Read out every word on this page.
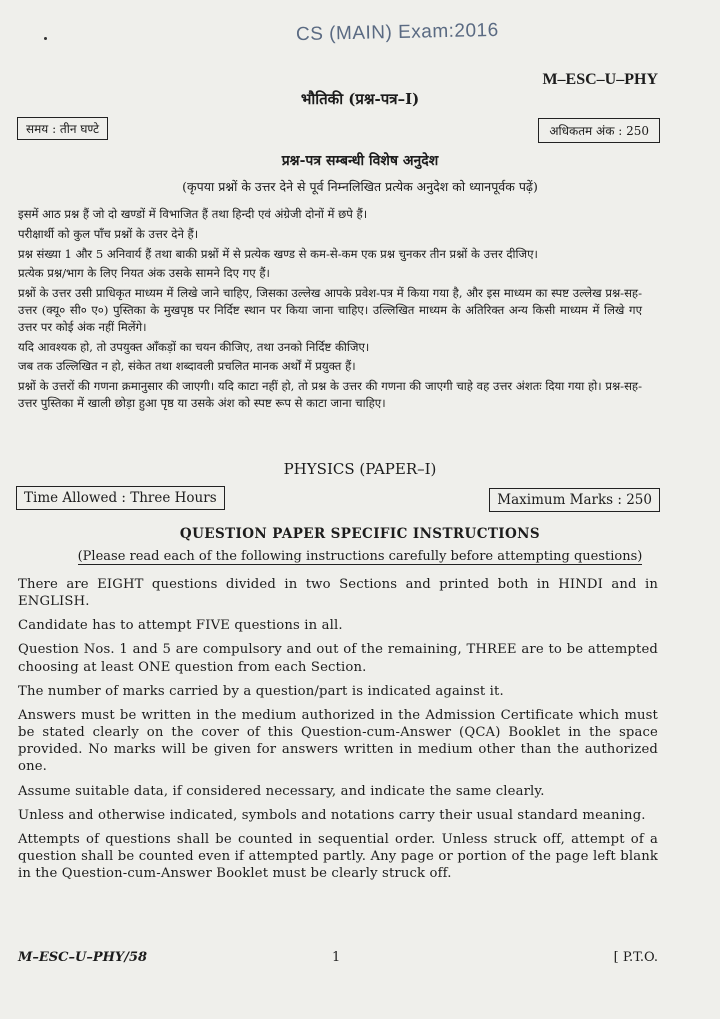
CS (MAIN) Exam:2016
M–ESC–U–PHY
भौतिकी (प्रश्न-पत्र–I)
समय : तीन घण्टे	अधिकतम अंक : 250
प्रश्न-पत्र सम्बन्धी विशेष अनुदेश
(कृपया प्रश्नों के उत्तर देने से पूर्व निम्नलिखित प्रत्येक अनुदेश को ध्यानपूर्वक पढ़ें)

इसमें आठ प्रश्न हैं जो दो खण्डों में विभाजित हैं तथा हिन्दी एवं अंग्रेजी दोनों में छपे हैं।

परीक्षार्थी को कुल पाँच प्रश्नों के उत्तर देने हैं।

प्रश्न संख्या 1 और 5 अनिवार्य हैं तथा बाकी प्रश्नों में से प्रत्येक खण्ड से कम-से-कम एक प्रश्न चुनकर तीन प्रश्नों के उत्तर दीजिए।

प्रत्येक प्रश्न/भाग के लिए नियत अंक उसके सामने दिए गए हैं।

प्रश्नों के उत्तर उसी प्राधिकृत माध्यम में लिखे जाने चाहिए, जिसका उल्लेख आपके प्रवेश-पत्र में किया गया है, और इस माध्यम का स्पष्ट उल्लेख प्रश्न-सह-उत्तर (क्यू० सी० ए०) पुस्तिका के मुखपृष्ठ पर निर्दिष्ट स्थान पर किया जाना चाहिए। उल्लिखित माध्यम के अतिरिक्त अन्य किसी माध्यम में लिखे गए उत्तर पर कोई अंक नहीं मिलेंगे।

यदि आवश्यक हो, तो उपयुक्त आँकड़ों का चयन कीजिए, तथा उनको निर्दिष्ट कीजिए।

जब तक उल्लिखित न हो, संकेत तथा शब्दावली प्रचलित मानक अर्थों में प्रयुक्त हैं।

प्रश्नों के उत्तरों की गणना क्रमानुसार की जाएगी। यदि काटा नहीं हो, तो प्रश्न के उत्तर की गणना की जाएगी चाहे वह उत्तर अंशतः दिया गया हो। प्रश्न-सह-उत्तर पुस्तिका में खाली छोड़ा हुआ पृष्ठ या उसके अंश को स्पष्ट रूप से काटा जाना चाहिए।

PHYSICS (PAPER–I)
Time Allowed : Three Hours	Maximum Marks : 250
QUESTION PAPER SPECIFIC INSTRUCTIONS
(Please read each of the following instructions carefully before attempting questions)

There are EIGHT questions divided in two Sections and printed both in HINDI and in ENGLISH.

Candidate has to attempt FIVE questions in all.

Question Nos. 1 and 5 are compulsory and out of the remaining, THREE are to be attempted choosing at least ONE question from each Section.

The number of marks carried by a question/part is indicated against it.

Answers must be written in the medium authorized in the Admission Certificate which must be stated clearly on the cover of this Question-cum-Answer (QCA) Booklet in the space provided. No marks will be given for answers written in medium other than the authorized one.

Assume suitable data, if considered necessary, and indicate the same clearly.

Unless and otherwise indicated, symbols and notations carry their usual standard meaning.

Attempts of questions shall be counted in sequential order. Unless struck off, attempt of a question shall be counted even if attempted partly. Any page or portion of the page left blank in the Question-cum-Answer Booklet must be clearly struck off.

M–ESC–U–PHY/58	1	[ P.T.O.
